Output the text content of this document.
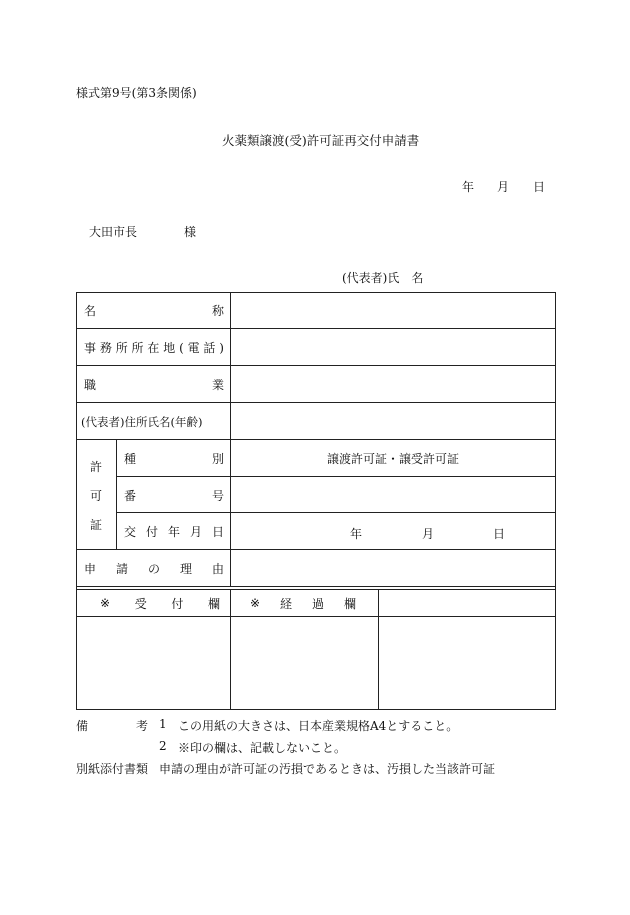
様式第9号(第3条関係)
火薬類譲渡(受)許可証再交付申請書
年 月 日
大田市長	様
(代表者)氏　名
名	称
事 務 所 所 在 地 ( 電 話 )
職	業
(代表者)住所氏名(年齢)
許
可
証
種	別	譲渡許可証・譲受許可証
番	号
交 付 年 月 日	年	月	日
申 請 の 理 由
※ 受 付 欄	※ 経 過 欄
備	考 1 この用紙の大きさは、日本産業規格A4とすること。
2 ※印の欄は、記載しないこと。
別紙添付書類 申請の理由が許可証の汚損であるときは、汚損した当該許可証
